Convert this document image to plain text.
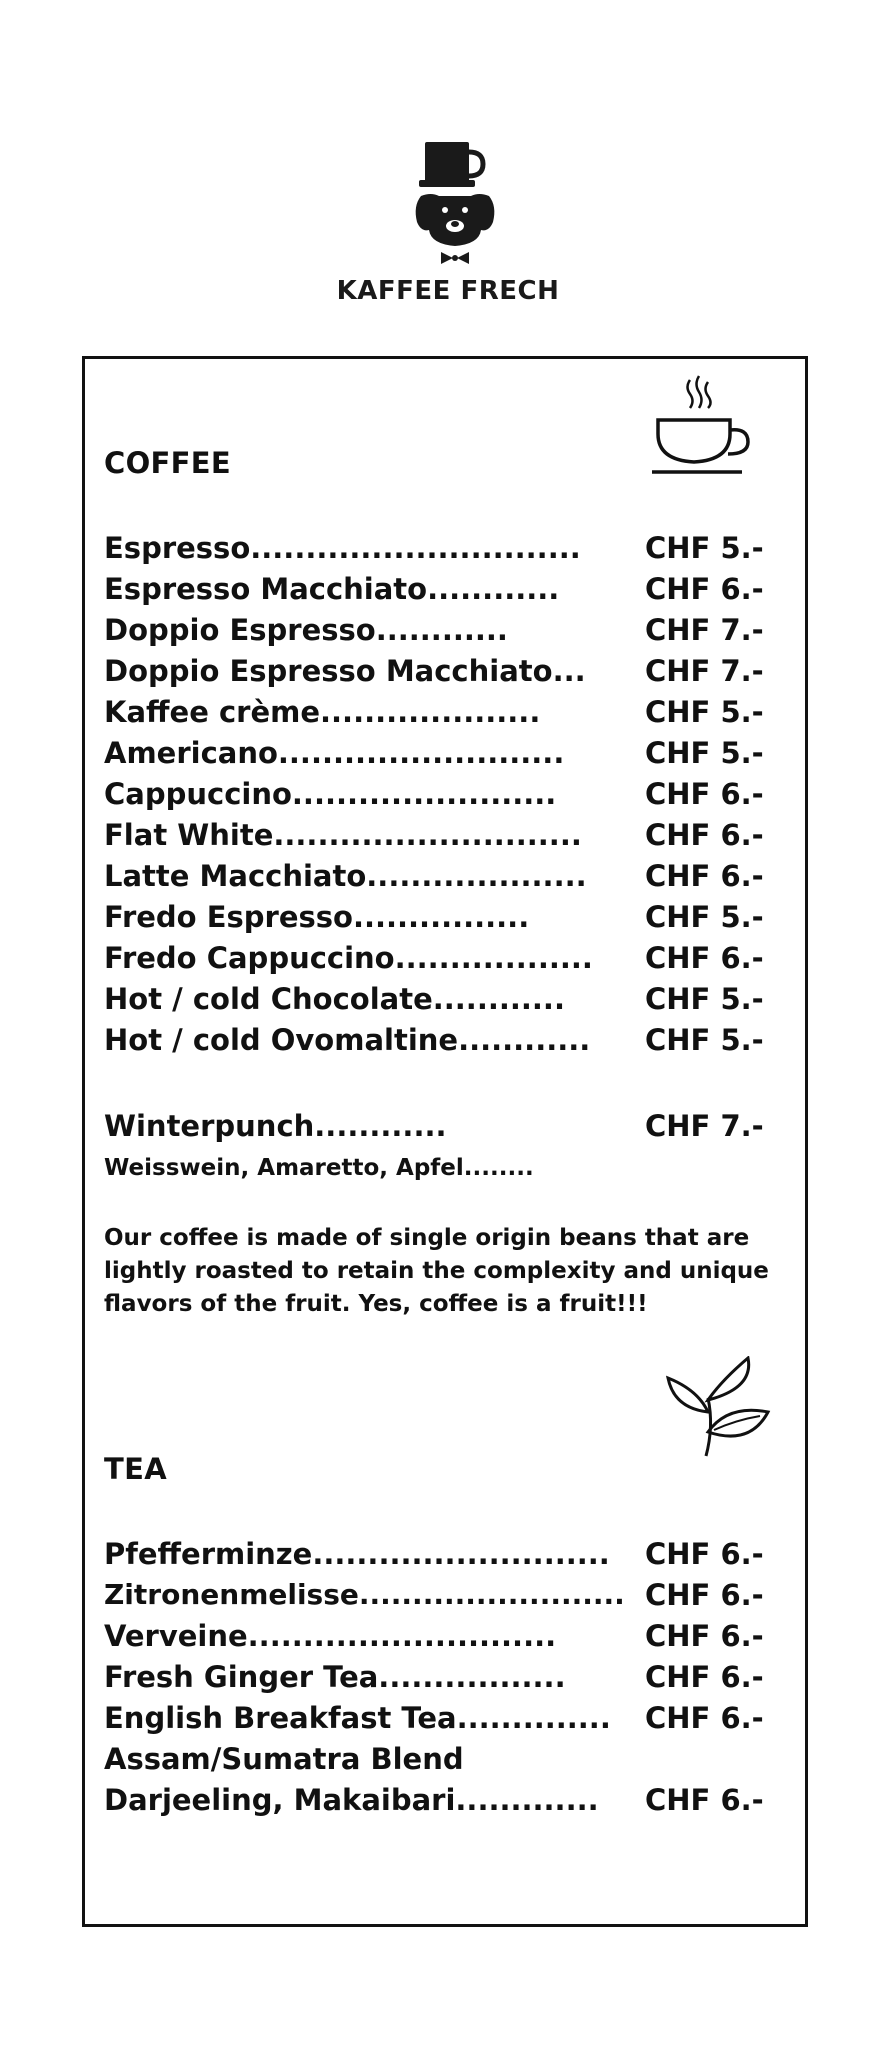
KAFFEE FRECH
COFFEE
Espresso.............................. CHF 5.-
Espresso Macchiato............	CHF 6.-
Doppio Espresso............	CHF 7.-
Doppio Espresso Macchiato... CHF 7.-
Kaffee crème....................	CHF 5.-
Americano..........................	CHF 5.-
Cappuccino........................	CHF 6.-
Flat White............................ CHF 6.-
Latte Macchiato.................... CHF 6.-
Fredo Espresso................	CHF 5.-
Fredo Cappuccino.................. CHF 6.-
Hot / cold Chocolate............	CHF 5.-
Hot / cold Ovomaltine............ CHF 5.-
Winterpunch............	CHF 7.-
Weisswein, Amaretto, Apfel........
Our coffee is made of single origin beans that are
lightly roasted to retain the complexity and unique
flavors of the fruit. Yes, coffee is a fruit!!!
TEA
Pfefferminze........................... CHF 6.-
Zitronenmelisse......................... CHF 6.-
Verveine............................	CHF 6.-
Fresh Ginger Tea.................	CHF 6.-
English Breakfast Tea.............. CHF 6.-
Assam/Sumatra Blend
Darjeeling, Makaibari............. CHF 6.-
